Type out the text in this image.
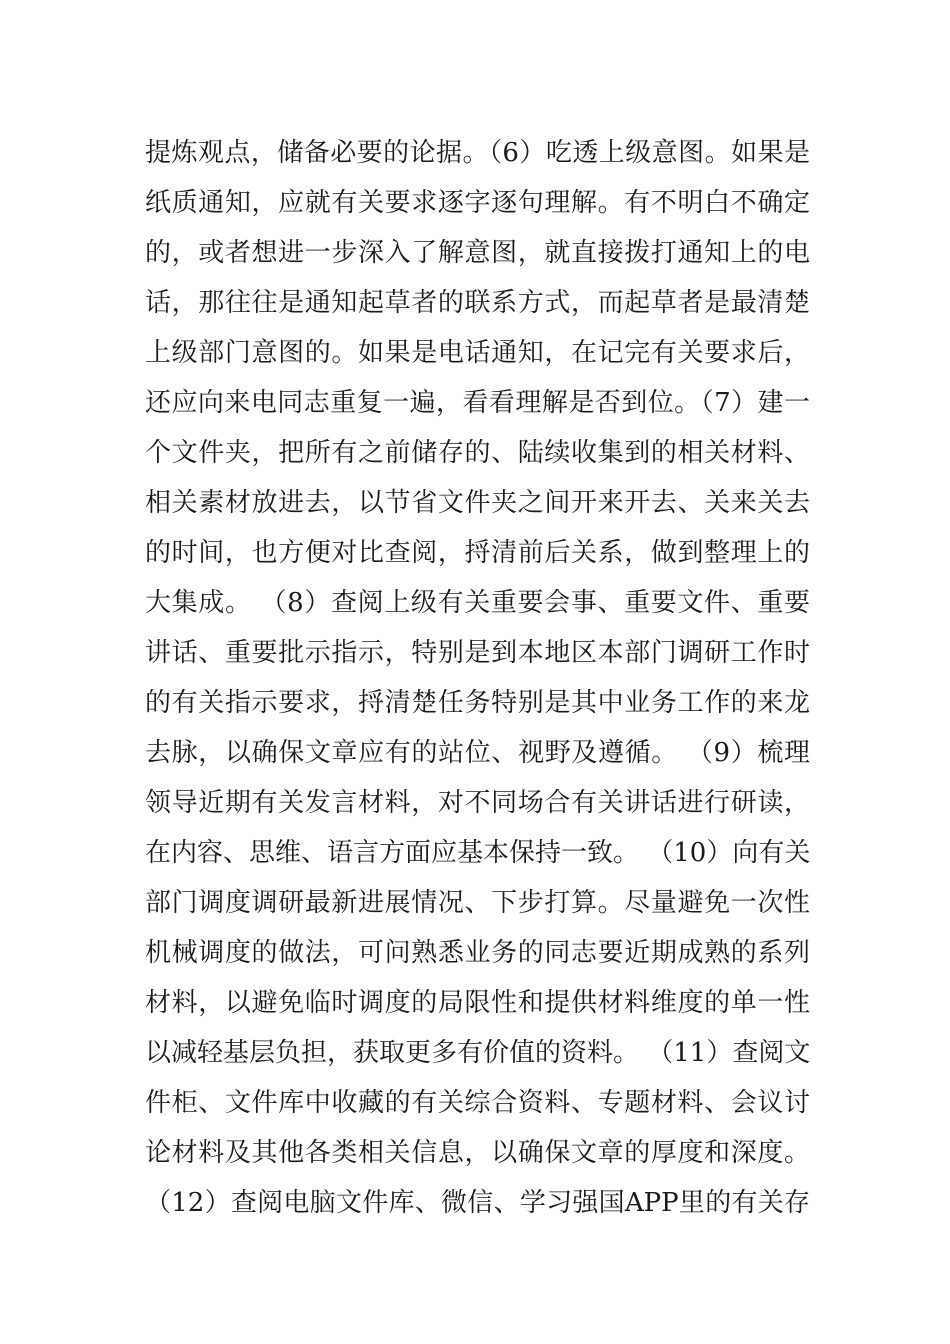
提炼观点，储备必要的论据。（6）吃透上级意图。如果是
纸质通知，应就有关要求逐字逐句理解。有不明白不确定
的，或者想进一步深入了解意图，就直接拨打通知上的电
话，那往往是通知起草者的联系方式，而起草者是最清楚
上级部门意图的。如果是电话通知，在记完有关要求后，
还应向来电同志重复一遍，看看理解是否到位。（7）建一
个文件夹，把所有之前储存的、陆续收集到的相关材料、
相关素材放进去，以节省文件夹之间开来开去、关来关去
的时间，也方便对比查阅，捋清前后关系，做到整理上的
大集成。 （8）查阅上级有关重要会事、重要文件、重要
讲话、重要批示指示，特别是到本地区本部门调研工作时
的有关指示要求，捋清楚任务特别是其中业务工作的来龙
去脉，以确保文章应有的站位、视野及遵循。 （9）梳理
领导近期有关发言材料，对不同场合有关讲话进行研读，
在内容、思维、语言方面应基本保持一致。 （10）向有关
部门调度调研最新进展情况、下步打算。尽量避免一次性
机械调度的做法，可问熟悉业务的同志要近期成熟的系列
材料，以避免临时调度的局限性和提供材料维度的单一性
以减轻基层负担，获取更多有价值的资料。 （11）查阅文
件柜、文件库中收藏的有关综合资料、专题材料、会议讨
论材料及其他各类相关信息，以确保文章的厚度和深度。
（12）查阅电脑文件库、微信、学习强国APP里的有关存
